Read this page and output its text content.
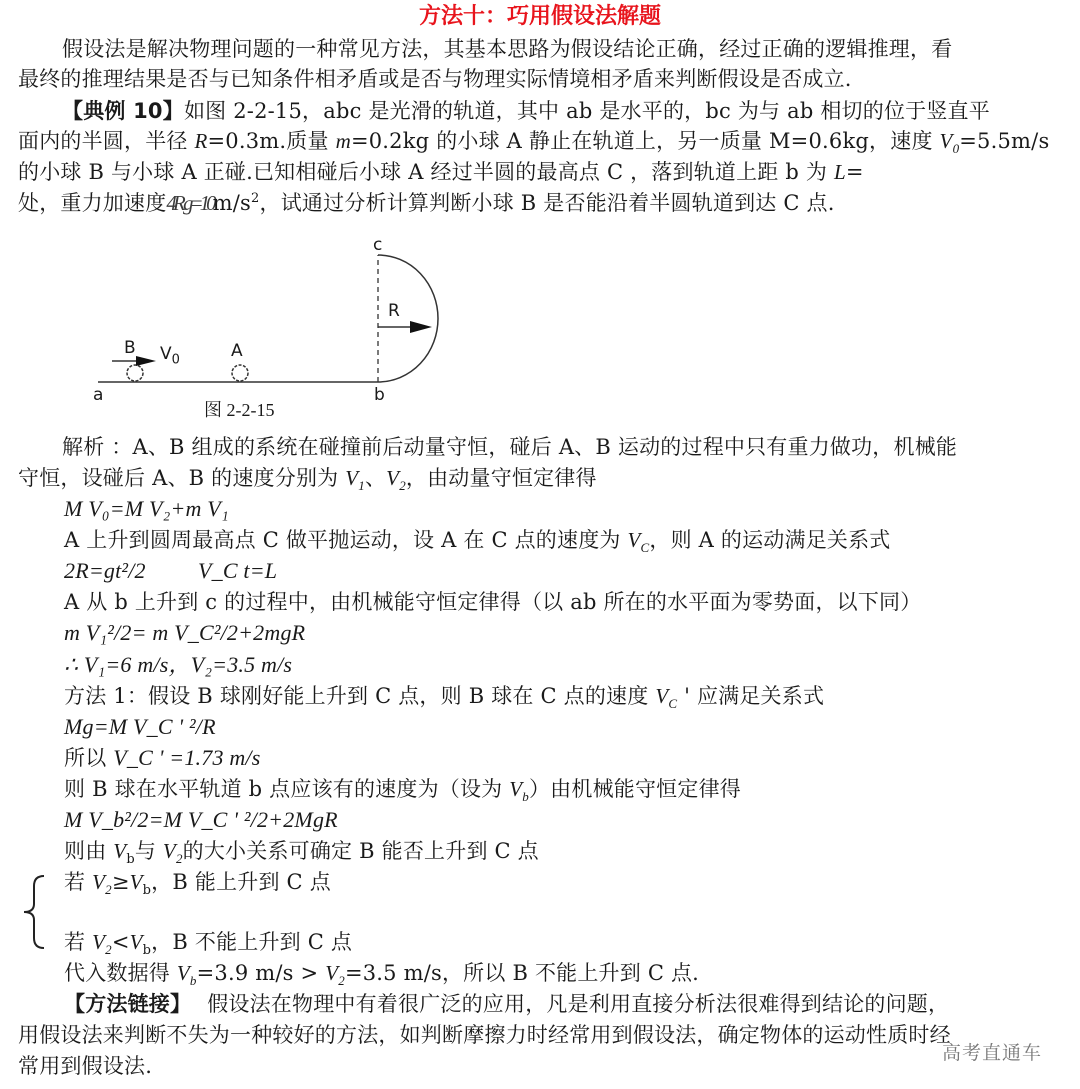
方法十：巧用假设法解题
假设法是解决物理问题的一种常见方法，其基本思路为假设结论正确，经过正确的逻辑推理，看
最终的推理结果是否与已知条件相矛盾或是否与物理实际情境相矛盾来判断假设是否成立.
【典例 10】如图 2-2-15，abc 是光滑的轨道，其中 ab 是水平的，bc 为与 ab 相切的位于竖直平
面内的半圆，半径 R=0.3m.质量 m=0.2kg 的小球 A 静止在轨道上，另一质量 M=0.6kg，速度 $V_0=5.5m/s$
的小球 B 与小球 A 正碰.已知相碰后小球 A 经过半圆的最高点 C ，落到轨道上距 b 为 L=
处，重力加速度4R $g=10m/s^2$，试通过分析计算判断小球 B 是否能沿着半圆轨道到达 C 点.
a	b
c
B $V_0$	A
R
图 2-2-15
解析 ：A、B 组成的系统在碰撞前后动量守恒，碰后 A、B 运动的过程中只有重力做功，机械能
守恒，设碰后 A、B 的速度分别为 $V_1$、$V_2$，由动量守恒定律得
M V₀=M V₂+m V₁
A 上升到圆周最高点 C 做平抛运动，设 A 在 C 点的速度为 $V_C$，则 A 的运动满足关系式
2R=gt²/2 V_C t=L
A 从 b 上升到 c 的过程中，由机械能守恒定律得（以 ab 所在的水平面为零势面，以下同）
m V₁²/2= m V_C²/2+2mgR
∴ V₁=6 m/s，V₂=3.5 m/s
方法 1：假设 B 球刚好能上升到 C 点，则 B 球在 C 点的速度 $V_C$ ' 应满足关系式
Mg=M V_C ' ²/R
所以 V_C ' =1.73 m/s
则 B 球在水平轨道 b 点应该有的速度为（设为 $V_b$）由机械能守恒定律得
M V_b²/2=M V_C ' ²/2+2MgR
则由 $V_b$与 $V_2$的大小关系可确定 B 能否上升到 C 点
若 $V_2\ge V_b$，B 能上升到 C 点
若 $V_2<V_b$，B 不能上升到 C 点
代入数据得 $V_b=3.9$ $m/s > V_2=3.5$ m/s，所以 B 不能上升到 C 点.
【方法链接】 假设法在物理中有着很广泛的应用，凡是利用直接分析法很难得到结论的问题，
用假设法来判断不失为一种较好的方法，如判断摩擦力时经常用到假设法，确定物体的运动性质时经
常用到假设法.
高考直通车
